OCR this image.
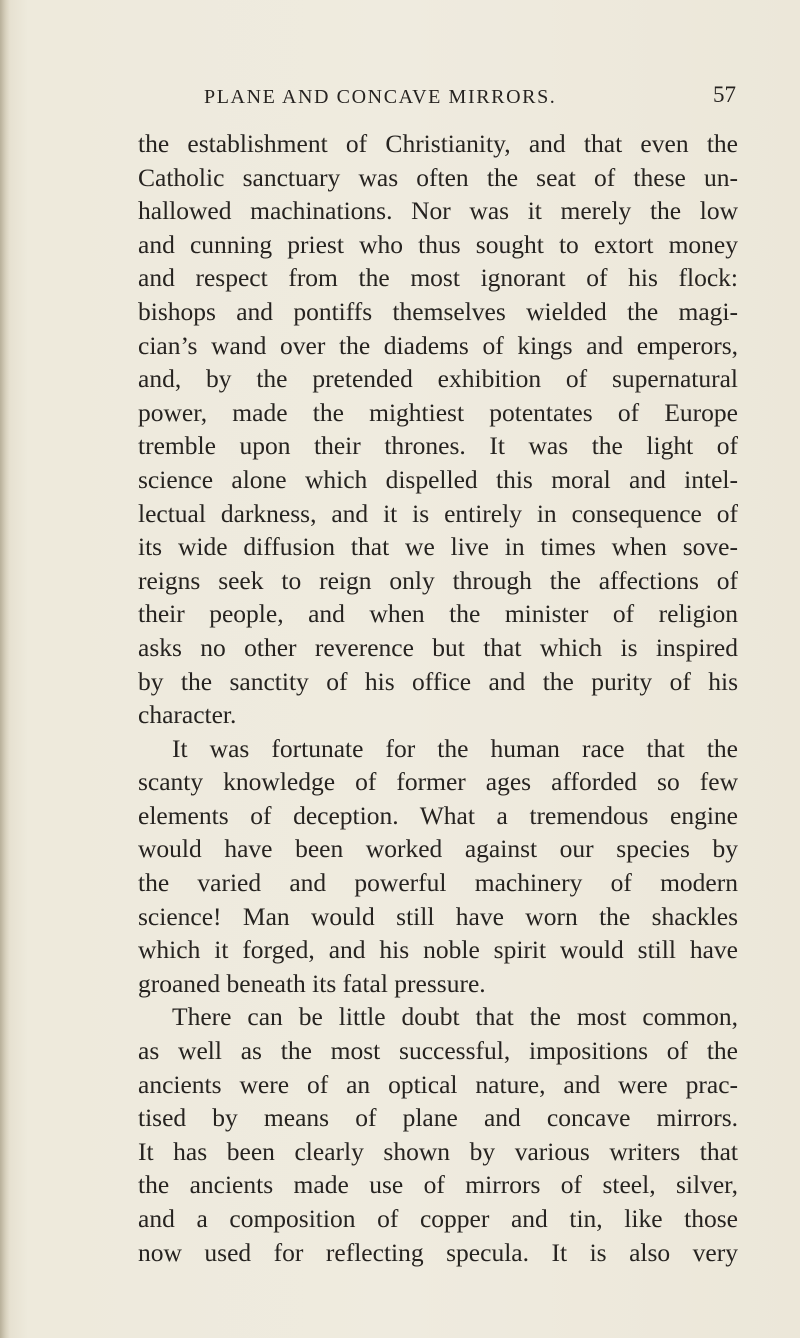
PLANE AND CONCAVE MIRRORS.	57
the establishment of Christianity, and that even the
Catholic sanctuary was often the seat of these un-
hallowed machinations. Nor was it merely the low
and cunning priest who thus sought to extort money
and respect from the most ignorant of his flock:
bishops and pontiffs themselves wielded the magi-
cian’s wand over the diadems of kings and emperors,
and, by the pretended exhibition of supernatural
power, made the mightiest potentates of Europe
tremble upon their thrones. It was the light of
science alone which dispelled this moral and intel-
lectual darkness, and it is entirely in consequence of
its wide diffusion that we live in times when sove-
reigns seek to reign only through the affections of
their people, and when the minister of religion
asks no other reverence but that which is inspired
by the sanctity of his office and the purity of his
character.
It was fortunate for the human race that the
scanty knowledge of former ages afforded so few
elements of deception. What a tremendous engine
would have been worked against our species by
the varied and powerful machinery of modern
science! Man would still have worn the shackles
which it forged, and his noble spirit would still have
groaned beneath its fatal pressure.
There can be little doubt that the most common,
as well as the most successful, impositions of the
ancients were of an optical nature, and were prac-
tised by means of plane and concave mirrors.
It has been clearly shown by various writers that
the ancients made use of mirrors of steel, silver,
and a composition of copper and tin, like those
now used for reflecting specula. It is also very
